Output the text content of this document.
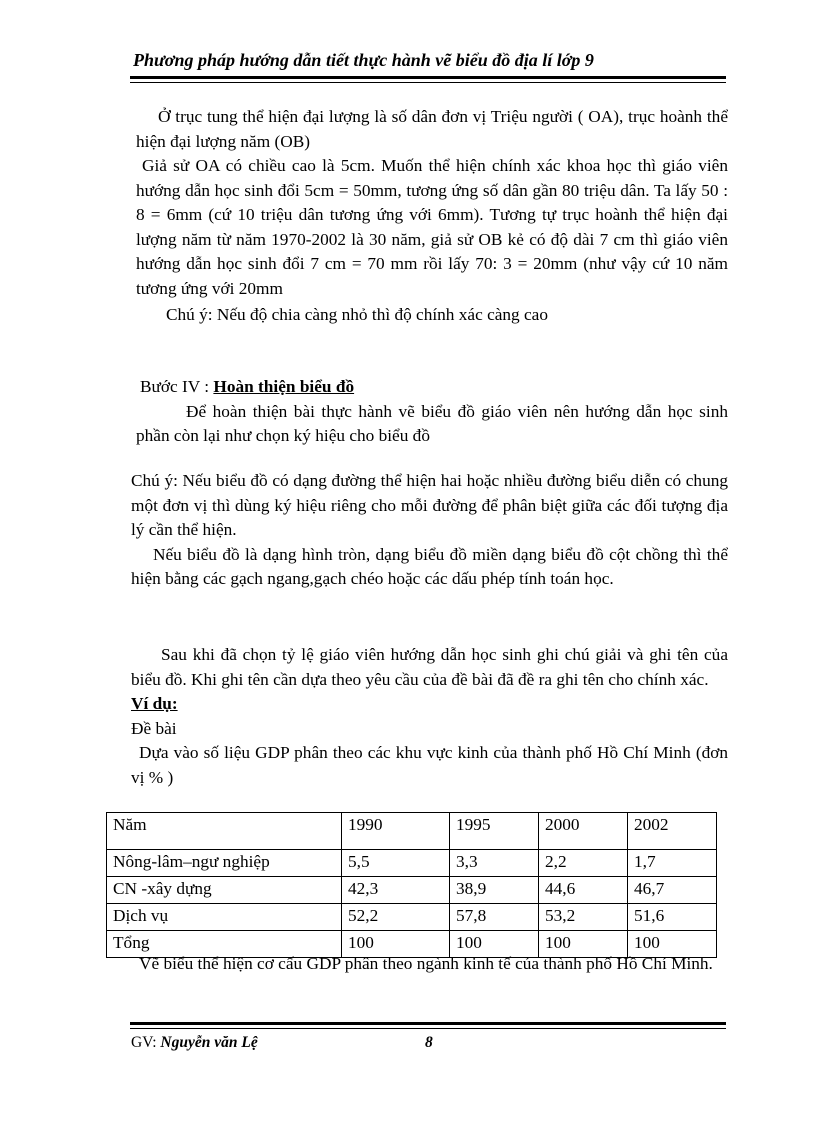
Phương pháp hướng dẫn tiết thực hành vẽ biểu đồ địa lí lớp 9

Ở trục tung thể hiện đại lượng là số dân đơn vị Triệu người ( OA), trục hoành thể hiện đại lượng năm (OB)

Giả sử OA có chiều cao là 5cm. Muốn thể hiện chính xác khoa học thì giáo viên hướng dẫn học sinh đổi 5cm = 50mm, tương ứng số dân gần 80 triệu dân. Ta lấy 50 : 8 = 6mm (cứ 10 triệu dân tương ứng với 6mm). Tương tự trục hoành thể hiện đại lượng năm từ năm 1970-2002 là 30 năm, giả sử OB kẻ có độ dài 7 cm thì giáo viên hướng dẫn học sinh đổi 7 cm = 70 mm rồi lấy 70: 3 = 20mm (như vậy cứ 10 năm tương ứng với 20mm

Chú ý: Nếu độ chia càng nhỏ thì độ chính xác càng cao

Bước IV : Hoàn thiện biểu đồ

Để hoàn thiện bài thực hành vẽ biểu đồ giáo viên nên hướng dẫn học sinh phần còn lại như chọn ký hiệu cho biểu đồ

Chú ý: Nếu biểu đồ có dạng đường thể hiện hai hoặc nhiều đường biểu diễn có chung một đơn vị thì dùng ký hiệu riêng cho mỗi đường để phân biệt giữa các đối tượng địa lý cần thể hiện.

Nếu biểu đồ là dạng hình tròn, dạng biểu đồ miền dạng biểu đồ cột chồng thì thể hiện bằng các gạch ngang,gạch chéo hoặc các dấu phép tính toán học.

Sau khi đã chọn tỷ lệ giáo viên hướng dẫn học sinh ghi chú giải và ghi tên của biểu đồ. Khi ghi tên cần dựa theo yêu cầu của đề bài đã đề ra ghi tên cho chính xác.

Ví dụ:

Đề bài

Dựa vào số liệu GDP phân theo các khu vực kinh của thành phố Hồ Chí Minh (đơn vị % )

Năm	1990	1995	2000	2002
Nông-lâm–ngư nghiệp	5,5	3,3	2,2	1,7
CN -xây dựng	42,3	38,9	44,6	46,7
Dịch vụ	52,2	57,8	53,2	51,6
Tổng	100	100	100	100

Vẽ biểu thể hiện cơ cấu GDP phân theo ngành kinh tế của thành phố Hồ Chí Minh.

GV: Nguyễn văn Lệ	8
